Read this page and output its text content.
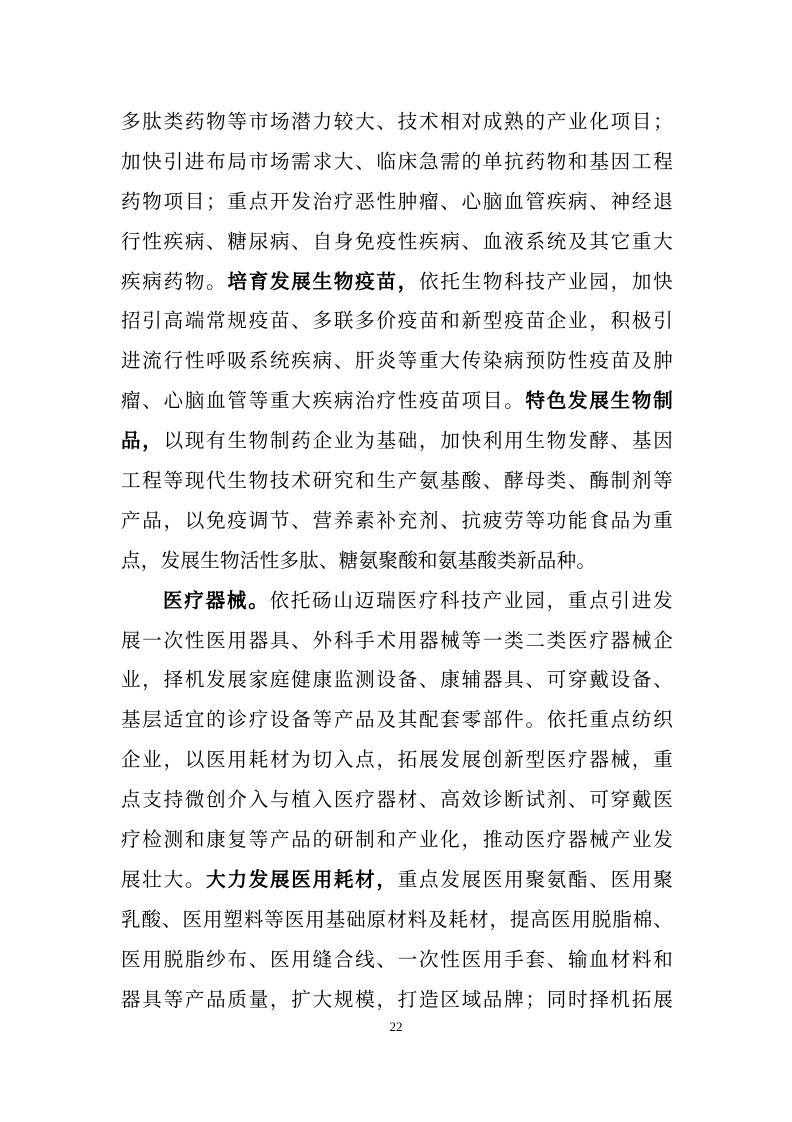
多肽类药物等市场潜力较大、技术相对成熟的产业化项目；
加快引进布局市场需求大、临床急需的单抗药物和基因工程
药物项目；重点开发治疗恶性肿瘤、心脑血管疾病、神经退
行性疾病、糖尿病、自身免疫性疾病、血液系统及其它重大
疾病药物。培育发展生物疫苗，依托生物科技产业园，加快
招引高端常规疫苗、多联多价疫苗和新型疫苗企业，积极引
进流行性呼吸系统疾病、肝炎等重大传染病预防性疫苗及肿
瘤、心脑血管等重大疾病治疗性疫苗项目。特色发展生物制
品，以现有生物制药企业为基础，加快利用生物发酵、基因
工程等现代生物技术研究和生产氨基酸、酵母类、酶制剂等
产品，以免疫调节、营养素补充剂、抗疲劳等功能食品为重
点，发展生物活性多肽、糖氨聚酸和氨基酸类新品种。
医疗器械。依托砀山迈瑞医疗科技产业园，重点引进发
展一次性医用器具、外科手术用器械等一类二类医疗器械企
业，择机发展家庭健康监测设备、康辅器具、可穿戴设备、
基层适宜的诊疗设备等产品及其配套零部件。依托重点纺织
企业，以医用耗材为切入点，拓展发展创新型医疗器械，重
点支持微创介入与植入医疗器材、高效诊断试剂、可穿戴医
疗检测和康复等产品的研制和产业化，推动医疗器械产业发
展壮大。大力发展医用耗材，重点发展医用聚氨酯、医用聚
乳酸、医用塑料等医用基础原材料及耗材，提高医用脱脂棉、
医用脱脂纱布、医用缝合线、一次性医用手套、输血材料和
器具等产品质量，扩大规模，打造区域品牌；同时择机拓展
22
